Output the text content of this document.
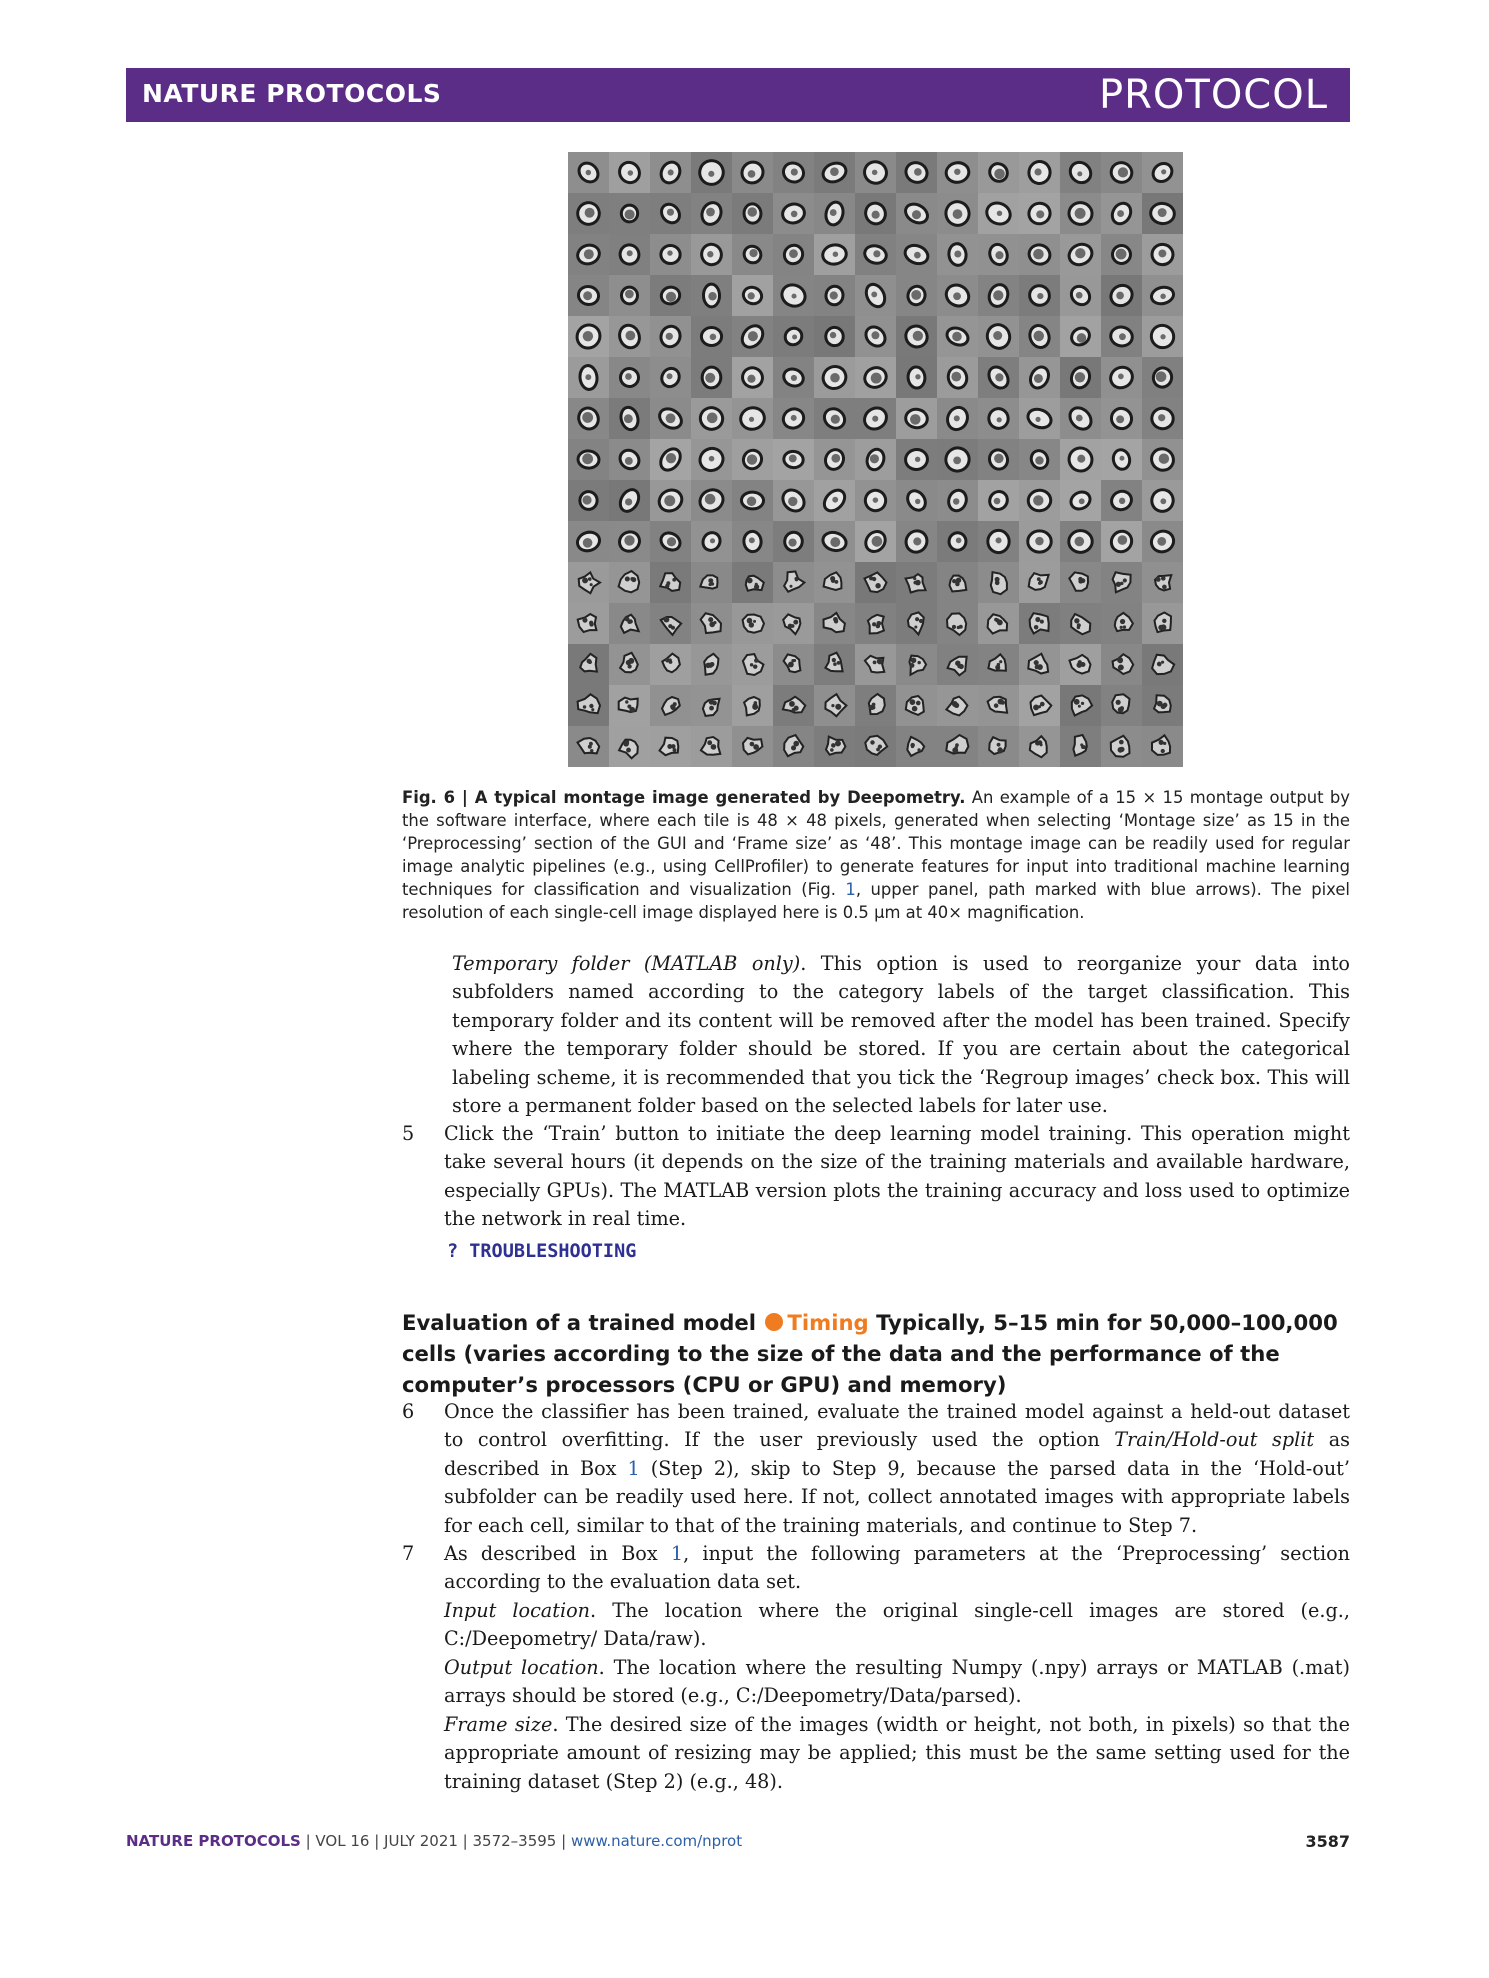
NATURE PROTOCOLS	PROTOCOL
Fig. 6 | A typical montage image generated by Deepometry. An example of a 15 × 15 montage output by the software interface, where each tile is 48 × 48 pixels, generated when selecting ‘Montage size’ as 15 in the ‘Preprocessing’ section of the GUI and ‘Frame size’ as ‘48’. This montage image can be readily used for regular image analytic pipelines (e.g., using CellProfiler) to generate features for input into traditional machine learning techniques for classification and visualization (Fig. 1, upper panel, path marked with blue arrows). The pixel resolution of each single-cell image displayed here is 0.5 μm at 40× magnification.
Temporary folder (MATLAB only). This option is used to reorganize your data into subfolders named according to the category labels of the target classification. This temporary folder and its content will be removed after the model has been trained. Specify where the temporary folder should be stored. If you are certain about the categorical labeling scheme, it is recommended that you tick the ‘Regroup images’ check box. This will store a permanent folder based on the selected labels for later use.
5 Click the ‘Train’ button to initiate the deep learning model training. This operation might take several hours (it depends on the size of the training materials and available hardware, especially GPUs). The MATLAB version plots the training accuracy and loss used to optimize the network in real time.
? TROUBLESHOOTING
Evaluation of a trained model Timing Typically, 5–15 min for 50,000–100,000 cells (varies according to the size of the data and the performance of the computer’s processors (CPU or GPU) and memory)
6 Once the classifier has been trained, evaluate the trained model against a held-out dataset to control overfitting. If the user previously used the option Train/Hold-out split as described in Box 1 (Step 2), skip to Step 9, because the parsed data in the ‘Hold-out’ subfolder can be readily used here. If not, collect annotated images with appropriate labels for each cell, similar to that of the training materials, and continue to Step 7.
7 As described in Box 1, input the following parameters at the ‘Preprocessing’ section according to the evaluation data set.
Input location. The location where the original single-cell images are stored (e.g., C:/Deepometry/ Data/raw).
Output location. The location where the resulting Numpy (.npy) arrays or MATLAB (.mat) arrays should be stored (e.g., C:/Deepometry/Data/parsed).
Frame size. The desired size of the images (width or height, not both, in pixels) so that the appropriate amount of resizing may be applied; this must be the same setting used for the training dataset (Step 2) (e.g., 48).
NATURE PROTOCOLS | VOL 16 | JULY 2021 | 3572–3595 | www.nature.com/nprot	3587
